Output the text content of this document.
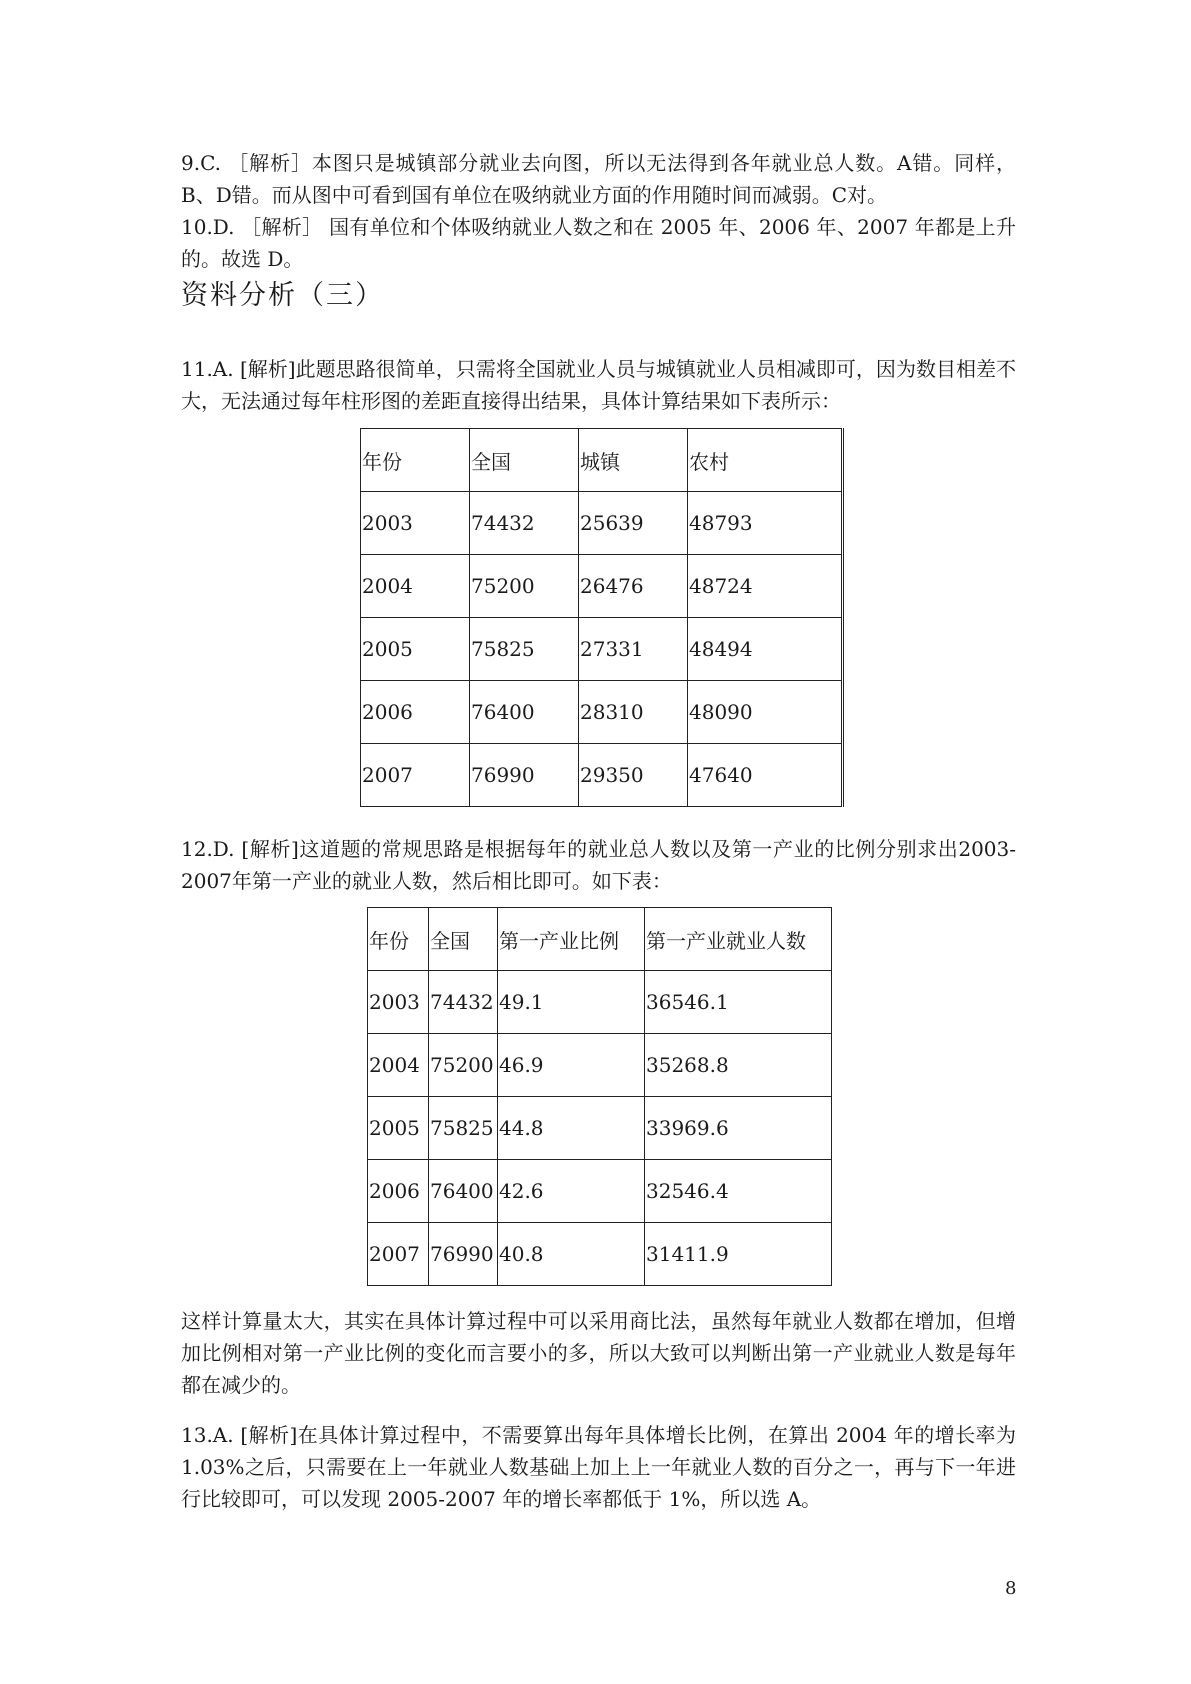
9.C. ［解析］本图只是城镇部分就业去向图，所以无法得到各年就业总人数。A错。同样，B、D错。而从图中可看到国有单位在吸纳就业方面的作用随时间而减弱。C对。
10.D. ［解析］ 国有单位和个体吸纳就业人数之和在 2005 年、2006 年、2007 年都是上升的。故选 D。
资料分析（三）
11.A. [解析]此题思路很简单，只需将全国就业人员与城镇就业人员相减即可，因为数目相差不大，无法通过每年柱形图的差距直接得出结果，具体计算结果如下表所示：
年份	全国	城镇	农村
2003	74432	25639	48793
2004	75200	26476	48724
2005	75825	27331	48494
2006	76400	28310	48090
2007	76990	29350	47640
12.D. [解析]这道题的常规思路是根据每年的就业总人数以及第一产业的比例分别求出2003-2007年第一产业的就业人数，然后相比即可。如下表：
年份	全国	第一产业比例	第一产业就业人数
2003	74432	49.1	36546.1
2004	75200	46.9	35268.8
2005	75825	44.8	33969.6
2006	76400	42.6	32546.4
2007	76990	40.8	31411.9
这样计算量太大，其实在具体计算过程中可以采用商比法，虽然每年就业人数都在增加，但增加比例相对第一产业比例的变化而言要小的多，所以大致可以判断出第一产业就业人数是每年都在减少的。
13.A. [解析]在具体计算过程中，不需要算出每年具体增长比例，在算出 2004 年的增长率为1.03%之后，只需要在上一年就业人数基础上加上上一年就业人数的百分之一，再与下一年进行比较即可，可以发现 2005-2007 年的增长率都低于 1%，所以选 A。
8
